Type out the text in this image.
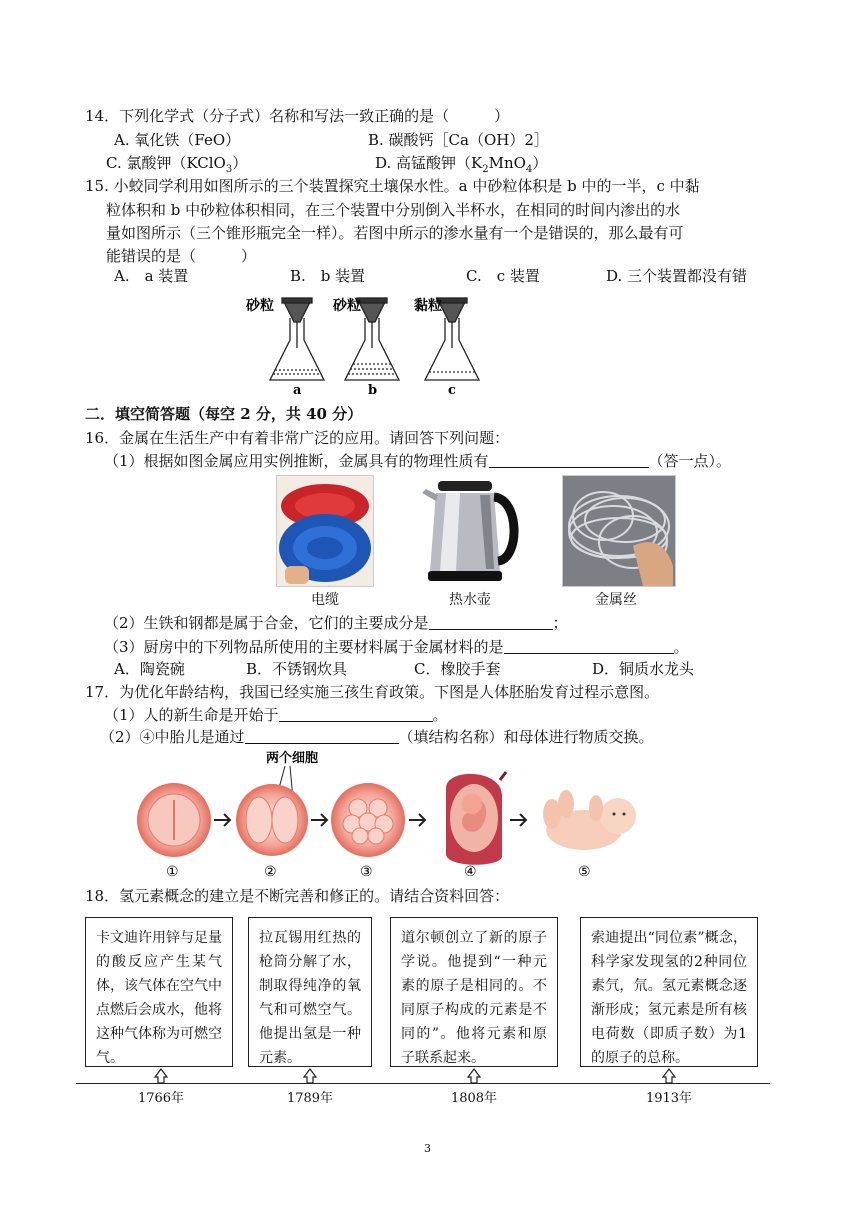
14．下列化学式（分子式）名称和写法一致正确的是（　　　）
A. 氧化铁（FeO）	B. 碳酸钙［Ca（OH）2］
C. 氯酸钾（KClO$_3$）	D. 高锰酸钾$(K_2MnO_4)$
15. 小蛟同学利用如图所示的三个装置探究土壤保水性。a 中砂粒体积是 b 中的一半，c 中黏
粒体积和 b 中砂粒体积相同，在三个装置中分别倒入半杯水，在相同的时间内渗出的水
量如图所示（三个锥形瓶完全一样）。若图中所示的渗水量有一个是错误的，那么最有可
能错误的是（　　　）
A.　a 装置	B.　b 装置	C.　c 装置	D. 三个装置都没有错
砂粒	砂粒	黏粒
a	b	c
二．填空简答题（每空 2 分，共 40 分）
16．金属在生活生产中有着非常广泛的应用。请回答下列问题：
（1）根据如图金属应用实例推断，金属具有的物理性质有	（答一点）。
电缆	热水壶	金属丝
（2）生铁和钢都是属于合金，它们的主要成分是	；
（3）厨房中的下列物品所使用的主要材料属于金属材料的是	。
A．陶瓷碗	B．不锈钢炊具	C．橡胶手套	D．铜质水龙头
17．为优化年龄结构，我国已经实施三孩生育政策。下图是人体胚胎发育过程示意图。
（1）人的新生命是开始于	。
（2）④中胎儿是通过	（填结构名称）和母体进行物质交换。
两个细胞
①	②	③	④	⑤
18．氢元素概念的建立是不断完善和修正的。请结合资料回答：
卡文迪许用锌与足量的酸反应产生某气体，该气体在空气中点燃后会成水，他将这种气体称为可燃空气。
拉瓦锡用红热的枪筒分解了水，制取得纯净的氧气和可燃空气。他提出氢是一种元素。
道尔顿创立了新的原子学说。他提到“一种元素的原子是相同的。不同原子构成的元素是不同的”。他将元素和原子联系起来。
索迪提出“同位素”概念，科学家发现氢的2种同位素氕，氘。氢元素概念逐渐形成；氢元素是所有核电荷数（即质子数）为1的原子的总称。
1766年	1789年	1808年	1913年
3
